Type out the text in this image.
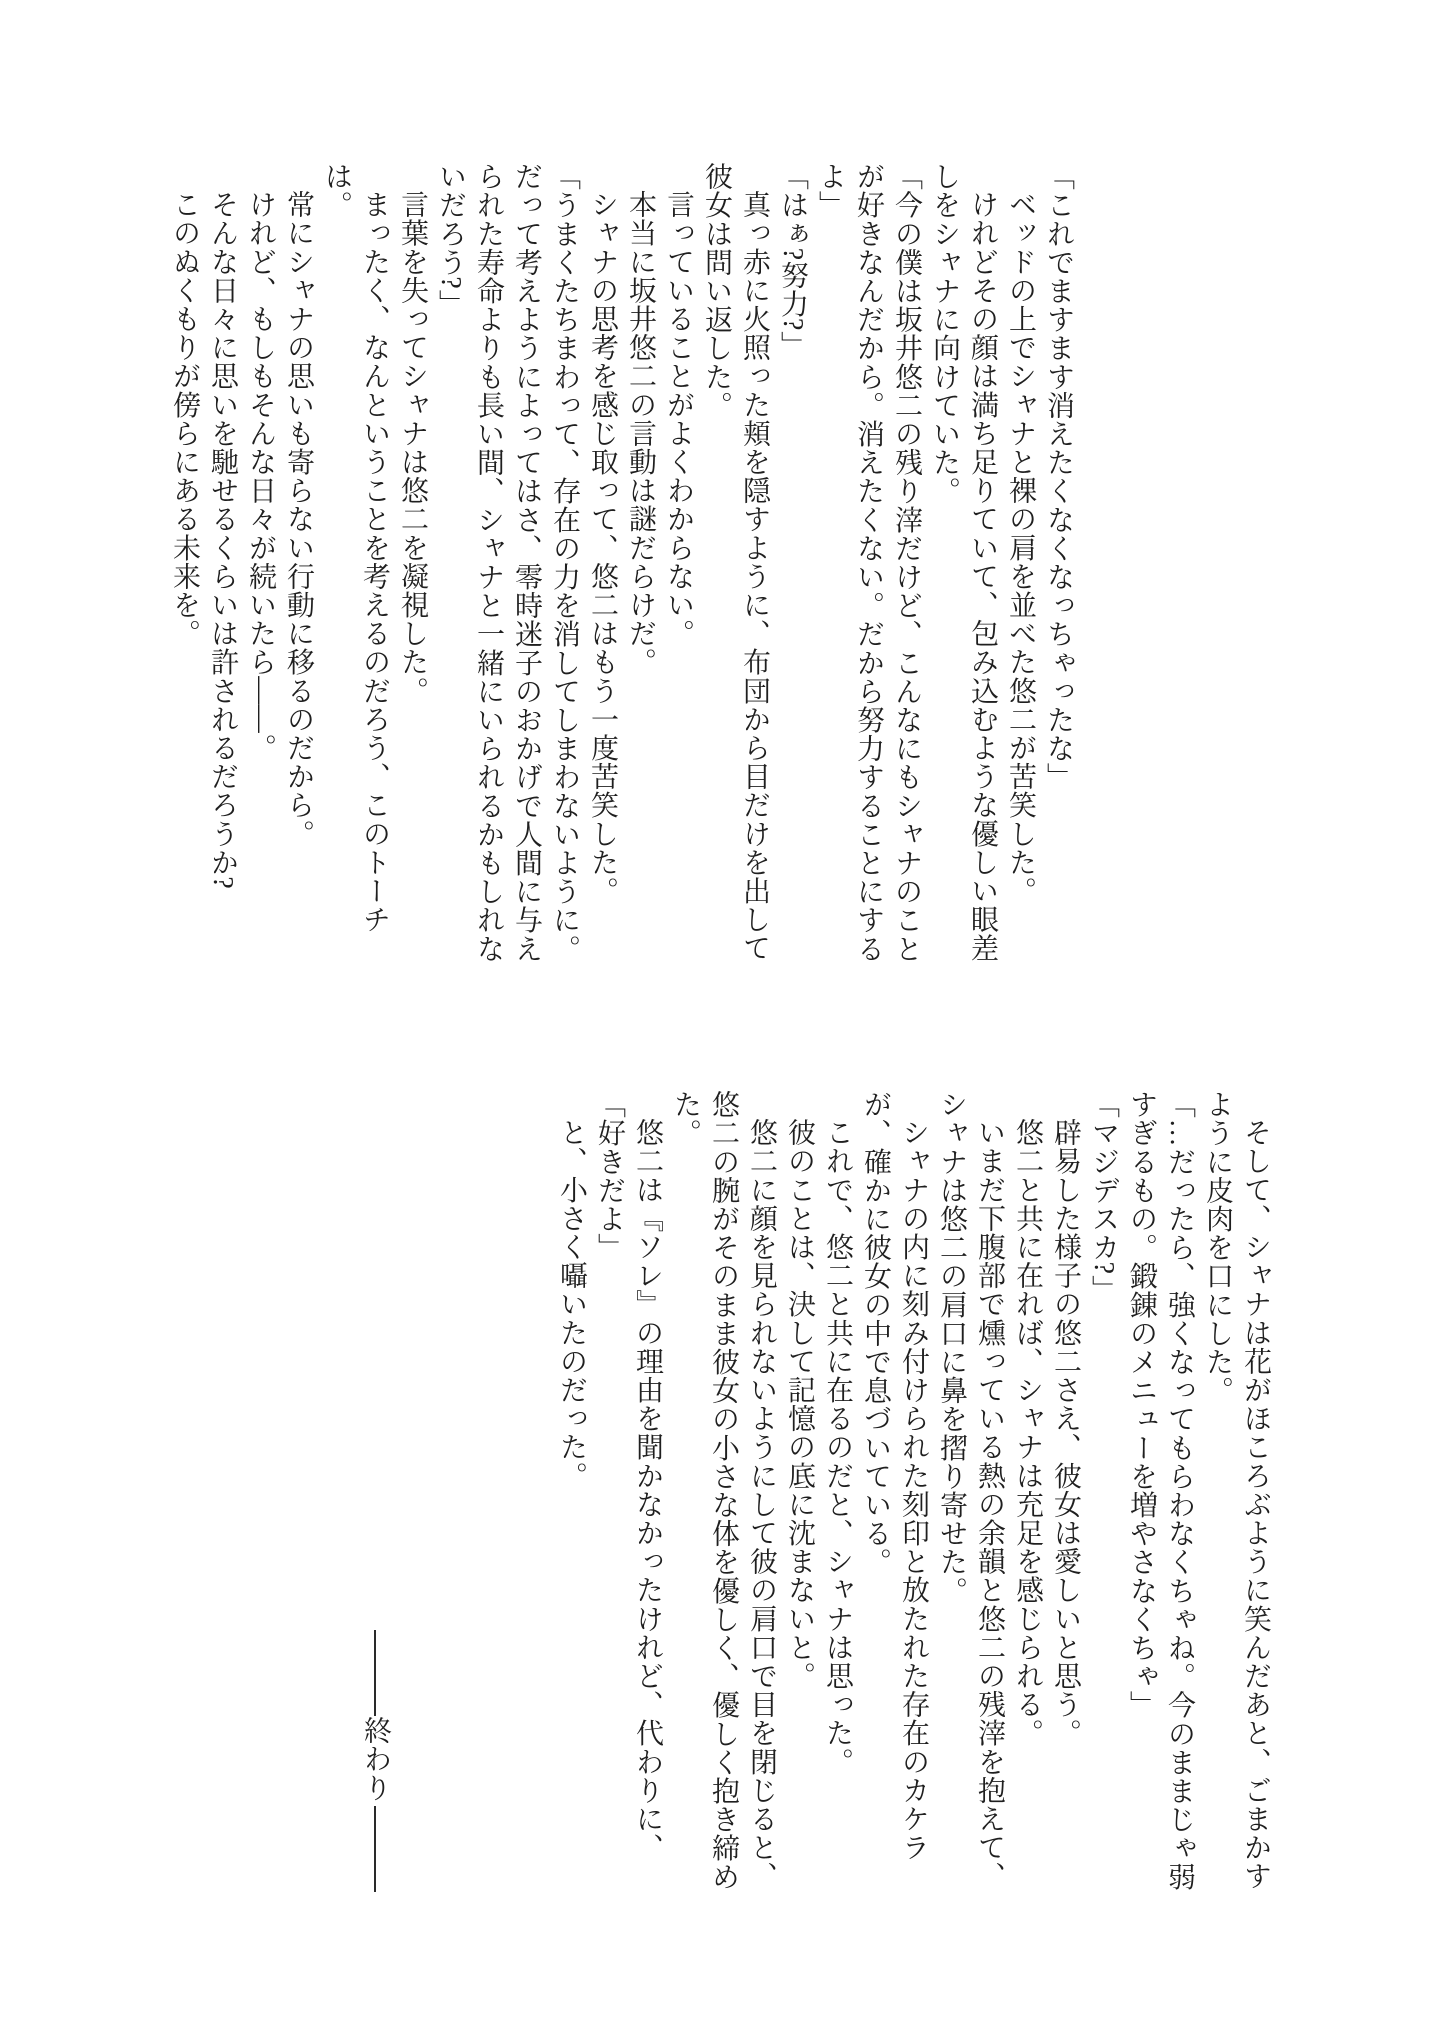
「これでますます消えたくなくなっちゃったな」

ベッドの上でシャナと裸の肩を並べた悠二が苦笑した。

けれどその顔は満ち足りていて、包み込むような優しい眼差しをシャナに向けていた。

「今の僕は坂井悠二の残り滓だけど、こんなにもシャナのことが好きなんだから。消えたくない。だから努力することにするよ」

「はぁ?努力?」

真っ赤に火照った頬を隠すように、布団から目だけを出して彼女は問い返した。

言っていることがよくわからない。

本当に坂井悠二の言動は謎だらけだ。

シャナの思考を感じ取って、悠二はもう一度苦笑した。

「うまくたちまわって、存在の力を消してしまわないように。だって考えようによってはさ、零時迷子のおかげで人間に与えられた寿命よりも長い間、シャナと一緒にいられるかもしれないだろう?」

言葉を失ってシャナは悠二を凝視した。

まったく、なんということを考えるのだろう、このトーチは。

常にシャナの思いも寄らない行動に移るのだから。

けれど、もしもそんな日々が続いたら――。

そんな日々に思いを馳せるくらいは許されるだろうか?

このぬくもりが傍らにある未来を。

そして、シャナは花がほころぶように笑んだあと、ごまかすように皮肉を口にした。

「…だったら、強くなってもらわなくちゃね。今のままじゃ弱すぎるもの。鍛錬のメニューを増やさなくちゃ」

「マジデスカ?」

辟易した様子の悠二さえ、彼女は愛しいと思う。

悠二と共に在れば、シャナは充足を感じられる。

いまだ下腹部で燻っている熱の余韻と悠二の残滓を抱えて、シャナは悠二の肩口に鼻を摺り寄せた。

シャナの内に刻み付けられた刻印と放たれた存在のカケラが、確かに彼女の中で息づいている。

これで、悠二と共に在るのだと、シャナは思った。

彼のことは、決して記憶の底に沈まないと。

悠二に顔を見られないようにして彼の肩口で目を閉じると、悠二の腕がそのまま彼女の小さな体を優しく、優しく抱き締めた。

悠二は『ソレ』の理由を聞かなかったけれど、代わりに、

「好きだよ」

と、小さく囁いたのだった。

終わり
